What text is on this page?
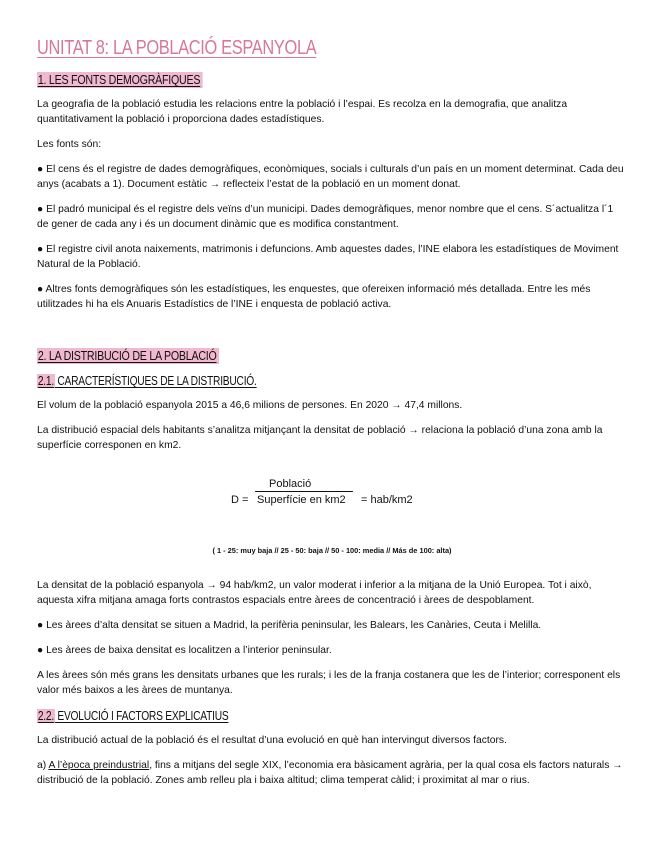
UNITAT 8: LA POBLACIÓ ESPANYOLA
1. LES FONTS DEMOGRÀFIQUES

La geografia de la població estudia les relacions entre la població i l’espai. Es recolza en la demografia, que analitza quantitativament la població i proporciona dades estadístiques.

Les fonts són:

● El cens és el registre de dades demogràfiques, econòmiques, socials i culturals d’un país en un moment determinat. Cada deu anys (acabats a 1). Document estàtic → reflecteix l’estat de la població en un moment donat.

● El padró municipal és el registre dels veïns d’un municipi. Dades demogràfiques, menor nombre que el cens. S´actualitza l´1 de gener de cada any i és un document dinàmic que es modifica constantment.

● El registre civil anota naixements, matrimonis i defuncions. Amb aquestes dades, l’INE elabora les estadístiques de Moviment Natural de la Població.

● Altres fonts demogràfiques són les estadístiques, les enquestes, que ofereixen informació més detallada. Entre les més utilitzades hi ha els Anuaris Estadístics de l’INE i enquesta de població activa.

2. LA DISTRIBUCIÓ DE LA POBLACIÓ
2.1. CARACTERÍSTIQUES DE LA DISTRIBUCIÓ.

El volum de la població espanyola 2015 a 46,6 milions de persones. En 2020 → 47,4 millons.

La distribució espacial dels habitants s’analitza mitjançant la densitat de població → relaciona la població d’una zona amb la superfície corresponen en km2.

Població
D = Superfície en km2 = hab/km2

( 1 - 25: muy baja // 25 - 50: baja // 50 - 100: media // Más de 100: alta)

La densitat de la població espanyola → 94 hab/km2, un valor moderat i inferior a la mitjana de la Unió Europea. Tot i això, aquesta xifra mitjana amaga forts contrastos espacials entre àrees de concentració i àrees de despoblament.

● Les àrees d’alta densitat se situen a Madrid, la perifèria peninsular, les Balears, les Canàries, Ceuta i Melilla.

● Les àrees de baixa densitat es localitzen a l’interior peninsular.

A les àrees són més grans les densitats urbanes que les rurals; i les de la franja costanera que les de l’interior; corresponent els valor més baixos a les àrees de muntanya.

2.2. EVOLUCIÓ I FACTORS EXPLICATIUS

La distribució actual de la població és el resultat d’una evolució en què han intervingut diversos factors.

a) A l’època preindustrial, fins a mitjans del segle XIX, l’economia era bàsicament agrària, per la qual cosa els factors naturals → distribució de la població. Zones amb relleu pla i baixa altitud; clima temperat càlid; i proximitat al mar o rius.
